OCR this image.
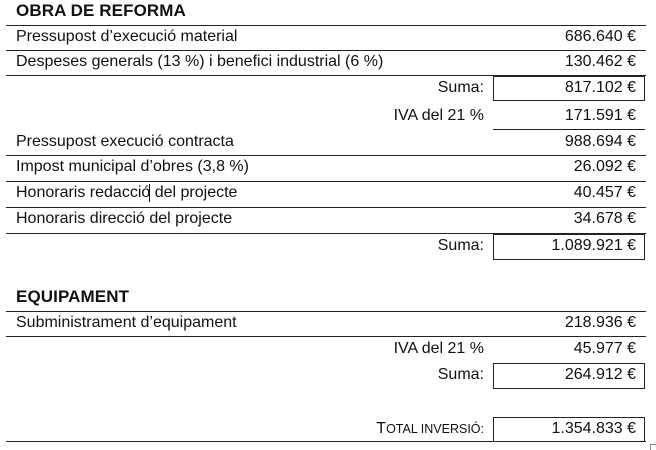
OBRA DE REFORMA
Pressupost d’execució material	686.640 €
Despeses generals (13 %) i benefici industrial (6 %)	130.462 €
Suma:	817.102 €
IVA del 21 %	171.591 €
Pressupost execució contracta	988.694 €
Impost municipal d’obres (3,8 %)	26.092 €
Honoraris redacció del projecte	40.457 €
Honoraris direcció del projecte	34.678 €
Suma:	1.089.921 €
EQUIPAMENT
Subministrament d’equipament	218.936 €
IVA del 21 %	45.977 €
Suma:	264.912 €
TOTAL INVERSIÓ:	1.354.833 €
